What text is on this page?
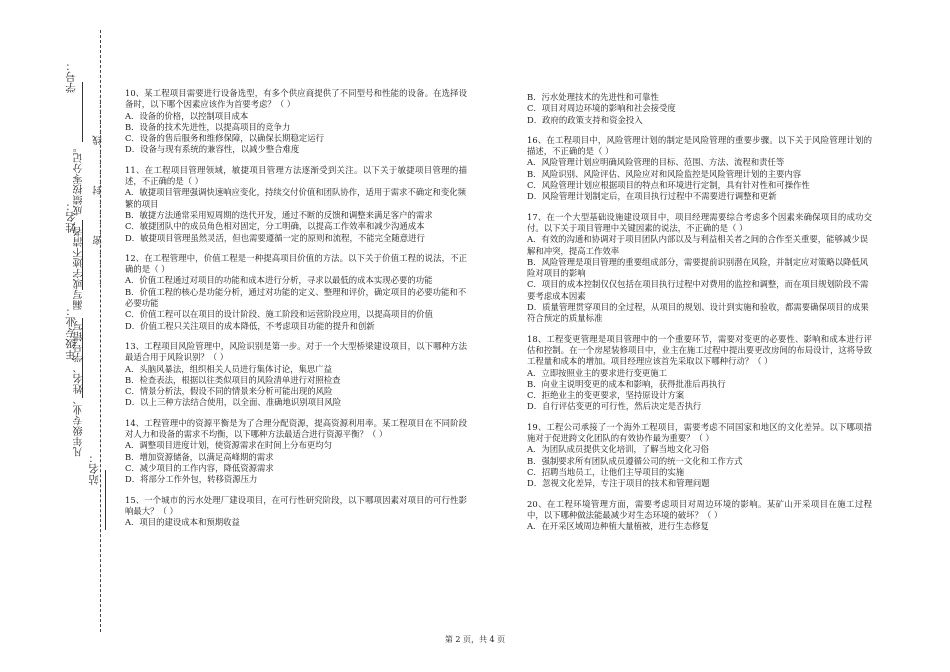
站名：
年级专业：
姓名：
学号：
凡年级专业、姓名、学号错写、漏写或字迹不清者，成绩按零分记。 …………密…………封…………线…………
10、某工程项目需要进行设备选型，有多个供应商提供了不同型号和性能的设备。在选择设备时，以下哪个因素应该作为首要考虑？（ ）
A．设备的价格，以控制项目成本
B．设备的技术先进性，以提高项目的竞争力
C．设备的售后服务和维修保障，以确保长期稳定运行
D．设备与现有系统的兼容性，以减少整合难度
11、在工程项目管理领域，敏捷项目管理方法逐渐受到关注。以下关于敏捷项目管理的描述，不正确的是（ ）
A．敏捷项目管理强调快速响应变化，持续交付价值和团队协作，适用于需求不确定和变化频繁的项目
B．敏捷方法通常采用短周期的迭代开发，通过不断的反馈和调整来满足客户的需求
C．敏捷团队中的成员角色相对固定，分工明确，以提高工作效率和减少沟通成本
D．敏捷项目管理虽然灵活，但也需要遵循一定的原则和流程，不能完全随意进行
12、在工程管理中，价值工程是一种提高项目价值的方法。以下关于价值工程的说法，不正确的是（ ）
A．价值工程通过对项目的功能和成本进行分析，寻求以最低的成本实现必要的功能
B．价值工程的核心是功能分析，通过对功能的定义、整理和评价，确定项目的必要功能和不必要功能
C．价值工程可以在项目的设计阶段、施工阶段和运营阶段应用，以提高项目的价值
D．价值工程只关注项目的成本降低，不考虑项目功能的提升和创新
13、工程项目风险管理中，风险识别是第一步。对于一个大型桥梁建设项目，以下哪种方法最适合用于风险识别？（ ）
A．头脑风暴法，组织相关人员进行集体讨论，集思广益
B．检查表法，根据以往类似项目的风险清单进行对照检查
C．情景分析法，假设不同的情景来分析可能出现的风险
D．以上三种方法结合使用，以全面、准确地识别项目风险
14、工程管理中的资源平衡是为了合理分配资源，提高资源利用率。某工程项目在不同阶段对人力和设备的需求不均衡，以下哪种方法最适合进行资源平衡？（ ）
A．调整项目进度计划，使资源需求在时间上分布更均匀
B．增加资源储备，以满足高峰期的需求
C．减少项目的工作内容，降低资源需求
D．将部分工作外包，转移资源压力
15、一个城市的污水处理厂建设项目，在可行性研究阶段，以下哪项因素对项目的可行性影响最大？（ ）
A．项目的建设成本和预期收益
B．污水处理技术的先进性和可靠性
C．项目对周边环境的影响和社会接受度
D．政府的政策支持和资金投入
16、在工程项目中，风险管理计划的制定是风险管理的重要步骤。以下关于风险管理计划的描述，不正确的是（ ）
A．风险管理计划应明确风险管理的目标、范围、方法、流程和责任等
B．风险识别、风险评估、风险应对和风险监控是风险管理计划的主要内容
C．风险管理计划应根据项目的特点和环境进行定制，具有针对性和可操作性
D．风险管理计划制定后，在项目执行过程中不需要进行调整和更新
17、在一个大型基础设施建设项目中，项目经理需要综合考虑多个因素来确保项目的成功交付。以下关于项目管理中关键因素的说法，不正确的是（ ）
A．有效的沟通和协调对于项目团队内部以及与利益相关者之间的合作至关重要，能够减少误解和冲突，提高工作效率
B．风险管理是项目管理的重要组成部分，需要提前识别潜在风险，并制定应对策略以降低风险对项目的影响
C．项目的成本控制仅仅包括在项目执行过程中对费用的监控和调整，而在项目规划阶段不需要考虑成本因素
D．质量管理贯穿项目的全过程，从项目的规划、设计到实施和验收，都需要确保项目的成果符合预定的质量标准
18、工程变更管理是项目管理中的一个重要环节，需要对变更的必要性、影响和成本进行评估和控制。在一个房屋装修项目中，业主在施工过程中提出要更改房间的布局设计，这将导致工程量和成本的增加。项目经理应该首先采取以下哪种行动？（ ）
A．立即按照业主的要求进行变更施工
B．向业主说明变更的成本和影响，获得批准后再执行
C．拒绝业主的变更要求，坚持原设计方案
D．自行评估变更的可行性，然后决定是否执行
19、工程公司承接了一个海外工程项目，需要考虑不同国家和地区的文化差异。以下哪项措施对于促进跨文化团队的有效协作最为重要？（ ）
A．为团队成员提供文化培训，了解当地文化习俗
B．强制要求所有团队成员遵循公司的统一文化和工作方式
C．招聘当地员工，让他们主导项目的实施
D．忽视文化差异，专注于项目的技术和管理问题
20、在工程环境管理方面，需要考虑项目对周边环境的影响。某矿山开采项目在施工过程中，以下哪种做法能最减少对生态环境的破坏？（ ）
A．在开采区域周边种植大量植被，进行生态修复
第 2 页，共 4 页
